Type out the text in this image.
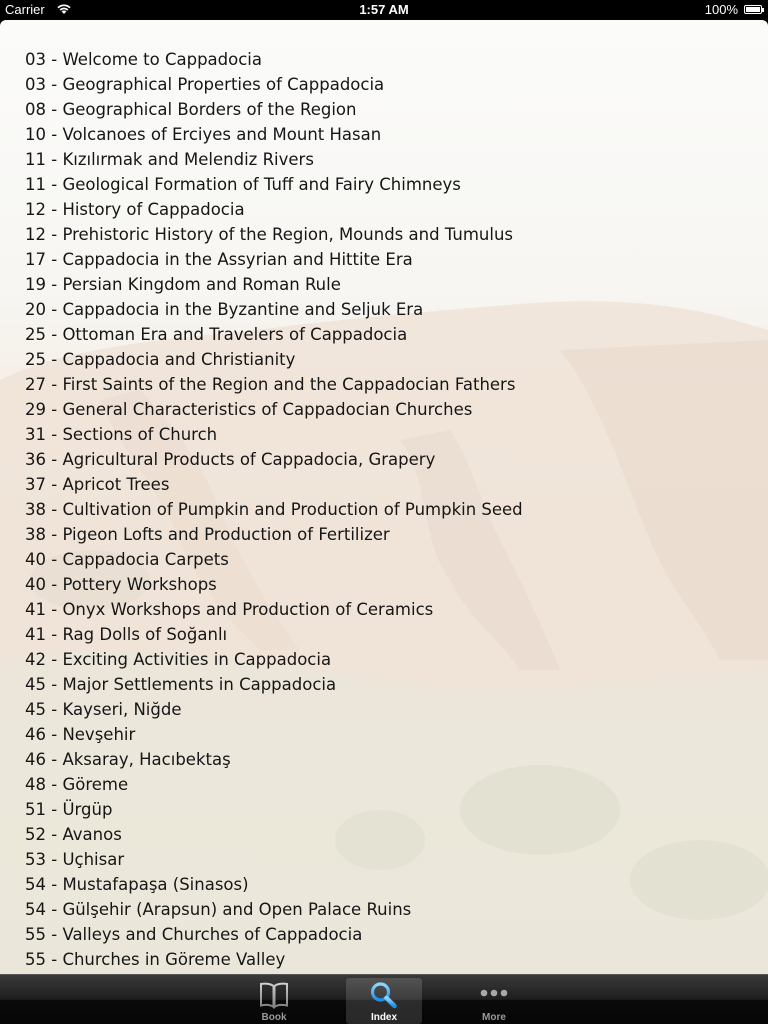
Carrier	1:57 AM	100%
03 - Welcome to Cappadocia
03 - Geographical Properties of Cappadocia
08 - Geographical Borders of the Region
10 - Volcanoes of Erciyes and Mount Hasan
11 - Kızılırmak and Melendiz Rivers
11 - Geological Formation of Tuff and Fairy Chimneys
12 - History of Cappadocia
12 - Prehistoric History of the Region, Mounds and Tumulus
17 - Cappadocia in the Assyrian and Hittite Era
19 - Persian Kingdom and Roman Rule
20 - Cappadocia in the Byzantine and Seljuk Era
25 - Ottoman Era and Travelers of Cappadocia
25 - Cappadocia and Christianity
27 - First Saints of the Region and the Cappadocian Fathers
29 - General Characteristics of Cappadocian Churches
31 - Sections of Church
36 - Agricultural Products of Cappadocia, Grapery
37 - Apricot Trees
38 - Cultivation of Pumpkin and Production of Pumpkin Seed
38 - Pigeon Lofts and Production of Fertilizer
40 - Cappadocia Carpets
40 - Pottery Workshops
41 - Onyx Workshops and Production of Ceramics
41 - Rag Dolls of Soğanlı
42 - Exciting Activities in Cappadocia
45 - Major Settlements in Cappadocia
45 - Kayseri, Niğde
46 - Nevşehir
46 - Aksaray, Hacıbektaş
48 - Göreme
51 - Ürgüp
52 - Avanos
53 - Uçhisar
54 - Mustafapaşa (Sinasos)
54 - Gülşehir (Arapsun) and Open Palace Ruins
55 - Valleys and Churches of Cappadocia
55 - Churches in Göreme Valley
Book	Index	More
